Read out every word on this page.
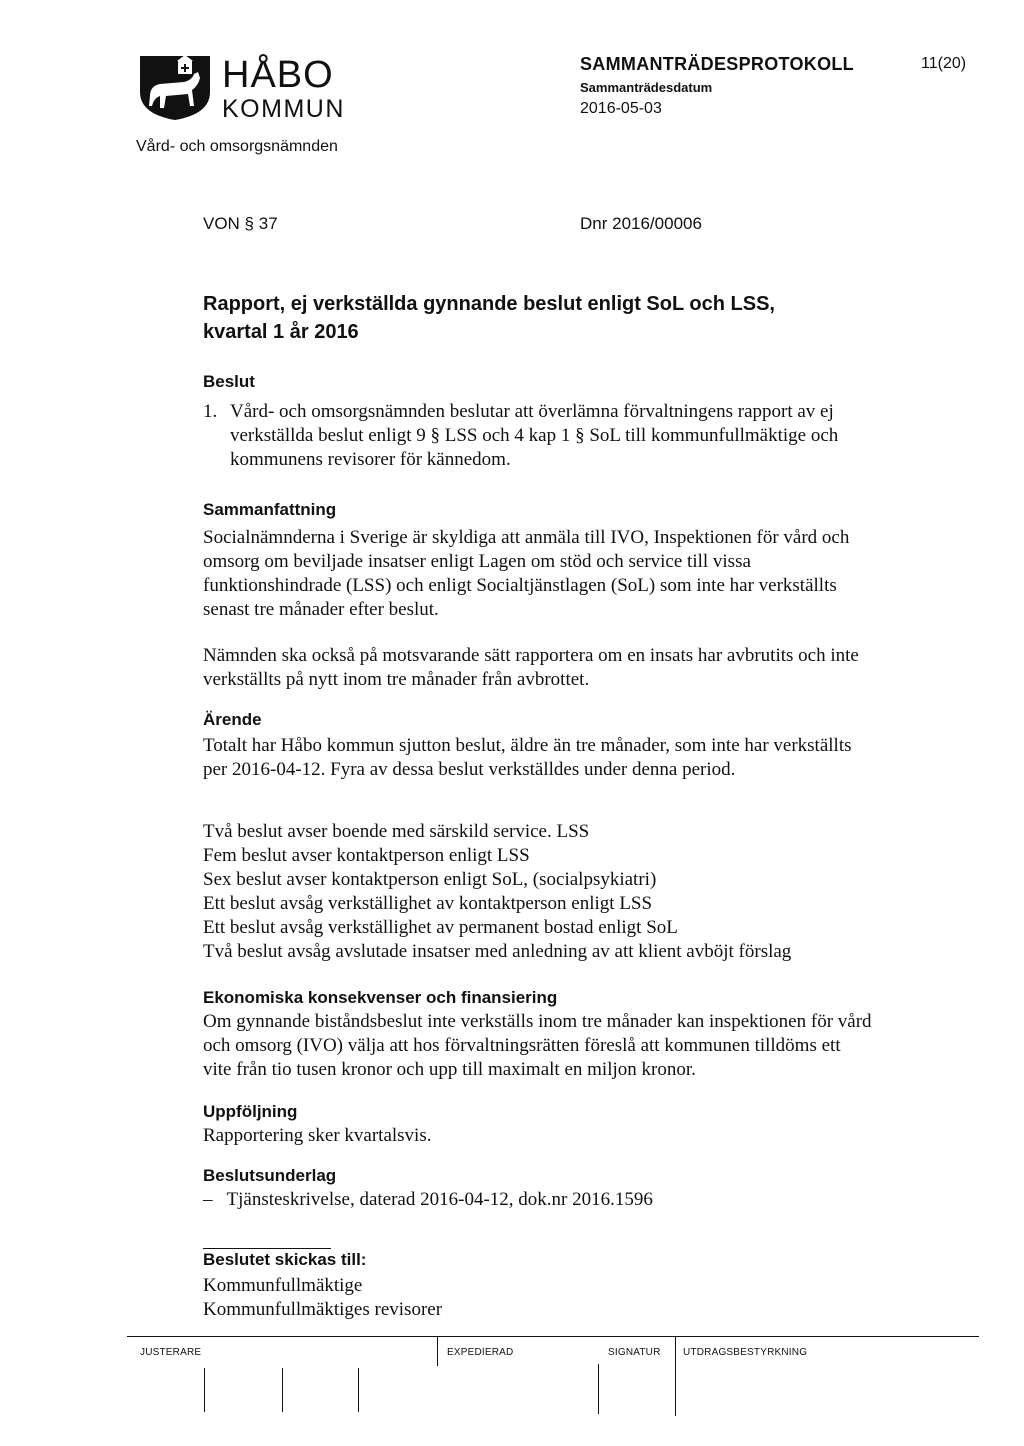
HÅBO
KOMMUN
Vård- och omsorgsnämnden
SAMMANTRÄDESPROTOKOLL
Sammanträdesdatum
2016-05-03
11(20)
VON § 37	Dnr 2016/00006
Rapport, ej verkställda gynnande beslut enligt SoL och LSS, kvartal 1 år 2016
Beslut
1. Vård- och omsorgsnämnden beslutar att överlämna förvaltningens rapport av ej verkställda beslut enligt 9 § LSS och 4 kap 1 § SoL till kommunfullmäktige och kommunens revisorer för kännedom.
Sammanfattning
Socialnämnderna i Sverige är skyldiga att anmäla till IVO, Inspektionen för vård och omsorg om beviljade insatser enligt Lagen om stöd och service till vissa funktionshindrade (LSS) och enligt Socialtjänstlagen (SoL) som inte har verkställts senast tre månader efter beslut.
Nämnden ska också på motsvarande sätt rapportera om en insats har avbrutits och inte verkställts på nytt inom tre månader från avbrottet.
Ärende
Totalt har Håbo kommun sjutton beslut, äldre än tre månader, som inte har verkställts per 2016-04-12. Fyra av dessa beslut verkställdes under denna period.
Två beslut avser boende med särskild service. LSS
Fem beslut avser kontaktperson enligt LSS
Sex beslut avser kontaktperson enligt SoL, (socialpsykiatri)
Ett beslut avsåg verkställighet av kontaktperson enligt LSS
Ett beslut avsåg verkställighet av permanent bostad enligt SoL
Två beslut avsåg avslutade insatser med anledning av att klient avböjt förslag
Ekonomiska konsekvenser och finansiering
Om gynnande biståndsbeslut inte verkställs inom tre månader kan inspektionen för vård och omsorg (IVO) välja att hos förvaltningsrätten föreslå att kommunen tilldöms ett vite från tio tusen kronor och upp till maximalt en miljon kronor.
Uppföljning
Rapportering sker kvartalsvis.
Beslutsunderlag
– Tjänsteskrivelse, daterad 2016-04-12, dok.nr 2016.1596
Beslutet skickas till:
Kommunfullmäktige
Kommunfullmäktiges revisorer
JUSTERARE	EXPEDIERAD	SIGNATUR UTDRAGSBESTYRKNING
